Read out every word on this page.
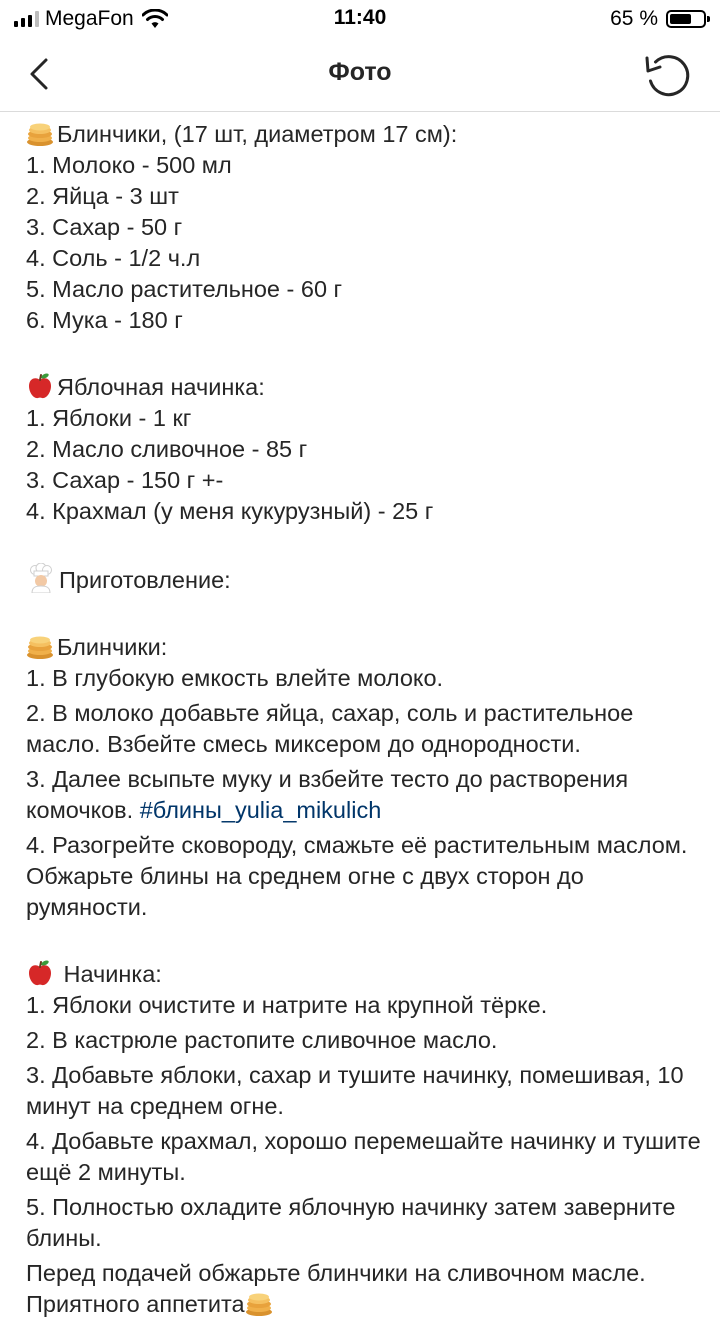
MegaFon	11:40	65 %
Фото
Блинчики, (17 шт, диаметром 17 см):
1. Молоко - 500 мл
2. Яйца - 3 шт
3. Сахар - 50 г
4. Соль - 1/2 ч.л
5. Масло растительное - 60 г
6. Мука - 180 г
Яблочная начинка:
1. Яблоки - 1 кг
2. Масло сливочное - 85 г
3. Сахар - 150 г +-
4. Крахмал (у меня кукурузный) - 25 г
Приготовление:
Блинчики:
1. В глубокую емкость влейте молоко.
2. В молоко добавьте яйца, сахар, соль и растительное масло. Взбейте смесь миксером до однородности.
3. Далее всыпьте муку и взбейте тесто до растворения комочков. #блины_yulia_mikulich
4. Разогрейте сковороду, смажьте её растительным маслом. Обжарьте блины на среднем огне с двух сторон до румяности.
Начинка:
1. Яблоки очистите и натрите на крупной тёрке.
2. В кастрюле растопите сливочное масло.
3. Добавьте яблоки, сахар и тушите начинку, помешивая, 10 минут на среднем огне.
4. Добавьте крахмал, хорошо перемешайте начинку и тушите ещё 2 минуты.
5. Полностью охладите яблочную начинку затем заверните блины.
Перед подачей обжарьте блинчики на сливочном масле. Приятного аппетита
